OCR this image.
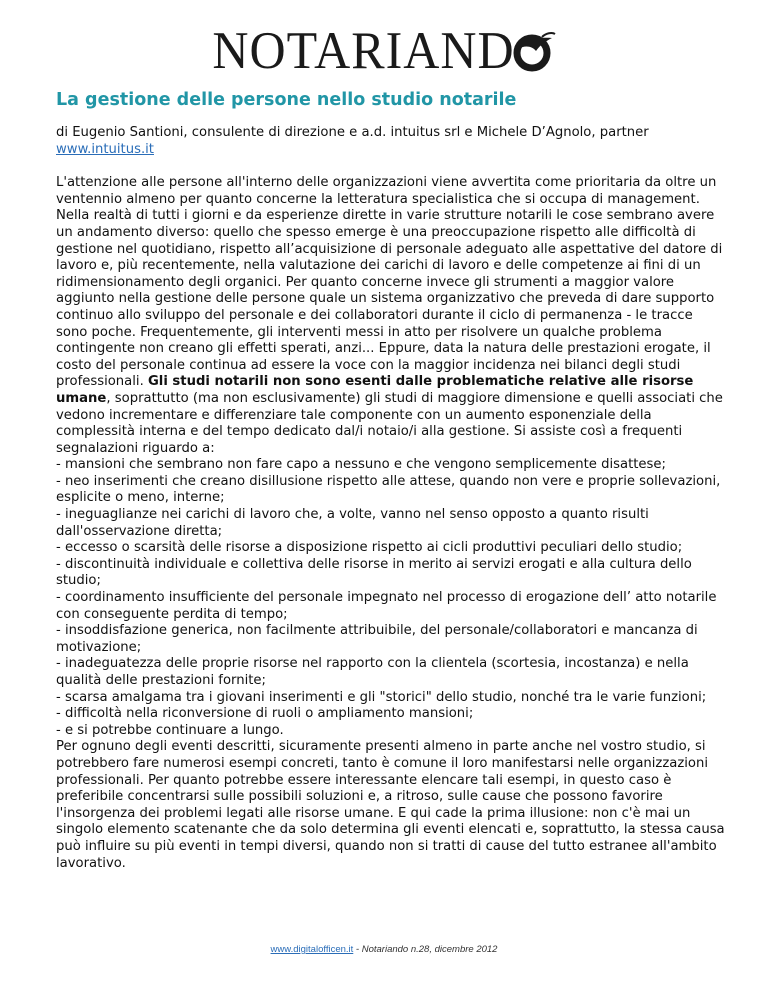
NOTARIAND
La gestione delle persone nello studio notarile

di Eugenio Santioni, consulente di direzione e a.d. intuitus srl e Michele D’Agnolo, partner
www.intuitus.it

L'attenzione alle persone all'interno delle organizzazioni viene avvertita come prioritaria da oltre un ventennio almeno per quanto concerne la letteratura specialistica che si occupa di management. Nella realtà di tutti i giorni e da esperienze dirette in varie strutture notarili le cose sembrano avere un andamento diverso: quello che spesso emerge è una preoccupazione rispetto alle difficoltà di gestione nel quotidiano, rispetto all’acquisizione di personale adeguato alle aspettative del datore di lavoro e, più recentemente, nella valutazione dei carichi di lavoro e delle competenze ai fini di un ridimensionamento degli organici. Per quanto concerne invece gli strumenti a maggior valore aggiunto nella gestione delle persone quale un sistema organizzativo che preveda di dare supporto continuo allo sviluppo del personale e dei collaboratori durante il ciclo di permanenza - le tracce sono poche. Frequentemente, gli interventi messi in atto per risolvere un qualche problema contingente non creano gli effetti sperati, anzi... Eppure, data la natura delle prestazioni erogate, il costo del personale continua ad essere la voce con la maggior incidenza nei bilanci degli studi professionali. Gli studi notarili non sono esenti dalle problematiche relative alle risorse umane, soprattutto (ma non esclusivamente) gli studi di maggiore dimensione e quelli associati che vedono incrementare e differenziare tale componente con un aumento esponenziale della complessità interna e del tempo dedicato dal/i notaio/i alla gestione. Si assiste così a frequenti segnalazioni riguardo a:
- mansioni che sembrano non fare capo a nessuno e che vengono semplicemente disattese;
- neo inserimenti che creano disillusione rispetto alle attese, quando non vere e proprie sollevazioni, esplicite o meno, interne;
- ineguaglianze nei carichi di lavoro che, a volte, vanno nel senso opposto a quanto risulti dall'osservazione diretta;
- eccesso o scarsità delle risorse a disposizione rispetto ai cicli produttivi peculiari dello studio;
- discontinuità individuale e collettiva delle risorse in merito ai servizi erogati e alla cultura dello studio;
- coordinamento insufficiente del personale impegnato nel processo di erogazione dell’ atto notarile con conseguente perdita di tempo;
- insoddisfazione generica, non facilmente attribuibile, del personale/collaboratori e mancanza di motivazione;
- inadeguatezza delle proprie risorse nel rapporto con la clientela (scortesia, incostanza) e nella qualità delle prestazioni fornite;
- scarsa amalgama tra i giovani inserimenti e gli "storici" dello studio, nonché tra le varie funzioni;
- difficoltà nella riconversione di ruoli o ampliamento mansioni;
- e si potrebbe continuare a lungo.
Per ognuno degli eventi descritti, sicuramente presenti almeno in parte anche nel vostro studio, si potrebbero fare numerosi esempi concreti, tanto è comune il loro manifestarsi nelle organizzazioni professionali. Per quanto potrebbe essere interessante elencare tali esempi, in questo caso è preferibile concentrarsi sulle possibili soluzioni e, a ritroso, sulle cause che possono favorire l'insorgenza dei problemi legati alle risorse umane. E qui cade la prima illusione: non c'è mai un singolo elemento scatenante che da solo determina gli eventi elencati e, soprattutto, la stessa causa può influire su più eventi in tempi diversi, quando non si tratti di cause del tutto estranee all'ambito lavorativo.

www.digitalofficen.it - Notariando n.28, dicembre 2012
